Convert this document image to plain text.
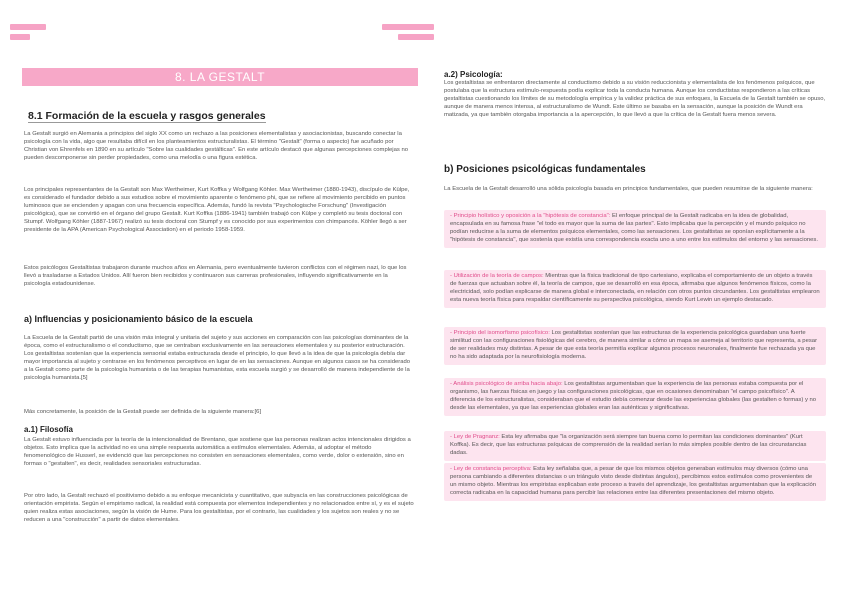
8. LA GESTALT
8.1 Formación de la escuela y rasgos generales
La Gestalt surgió en Alemania a principios del siglo XX como un rechazo a las posiciones elementalistas y asociacionistas, buscando conectar la psicología con la vida, algo que resultaba difícil en los planteamientos estructuralistas. El término "Gestalt" (forma o aspecto) fue acuñado por Christian von Ehrenfels en 1890 en su artículo "Sobre las cualidades gestálticas". En este artículo destacó que algunas percepciones complejas no pueden descomponerse sin perder propiedades, como una melodía o una figura estética.
Los principales representantes de la Gestalt son Max Wertheimer, Kurt Koffka y Wolfgang Köhler. Max Wertheimer (1880-1943), discípulo de Külpe, es considerado el fundador debido a sus estudios sobre el movimiento aparente o fenómeno phi, que se refiere al movimiento percibido en puntos luminosos que se encienden y apagan con una frecuencia específica. Además, fundó la revista "Psychologische Forschung" (Investigación psicológica), que se convirtió en el órgano del grupo Gestalt. Kurt Koffka (1886-1941) también trabajó con Külpe y completó su tesis doctoral con Stumpf. Wolfgang Köhler (1887-1967) realizó su tesis doctoral con Stumpf y es conocido por sus experimentos con chimpancés. Köhler llegó a ser presidente de la APA (American Psychological Association) en el periodo 1958-1959.
Estos psicólogos Gestaltistas trabajaron durante muchos años en Alemania, pero eventualmente tuvieron conflictos con el régimen nazi, lo que los llevó a trasladarse a Estados Unidos. Allí fueron bien recibidos y continuaron sus carreras profesionales, influyendo significativamente en la psicología estadounidense.
a) Influencias y posicionamiento básico de la escuela
La Escuela de la Gestalt partió de una visión más integral y unitaria del sujeto y sus acciones en comparación con las psicologías dominantes de la época, como el estructuralismo o el conductismo, que se centraban exclusivamente en las sensaciones elementales y su posterior estructuración. Los gestaltistas sostenían que la experiencia sensorial estaba estructurada desde el principio, lo que llevó a la idea de que la psicología debía dar mayor importancia al sujeto y centrarse en los fenómenos perceptivos en lugar de en las sensaciones. Aunque en algunos casos se ha considerado a la Gestalt como parte de la psicología humanista o de las terapias humanistas, esta escuela surgió y se desarrolló de manera independiente de la psicología humanista.[5]
Más concretamente, la posición de la Gestalt puede ser definida de la siguiente manera:[6]
a.1) Filosofía
La Gestalt estuvo influenciada por la teoría de la intencionalidad de Brentano, que sostiene que las personas realizan actos intencionales dirigidos a objetos. Esto implica que la actividad no es una simple respuesta automática a estímulos elementales. Además, al adoptar el método fenomenológico de Husserl, se evidenció que las percepciones no consisten en sensaciones elementales, como verde, dolor o extensión, sino en formas o "gestalten", es decir, realidades sensoriales estructuradas.
Por otro lado, la Gestalt rechazó el positivismo debido a su enfoque mecanicista y cuantitativo, que subyacía en las construcciones psicológicas de orientación empirista. Según el empirismo radical, la realidad está compuesta por elementos independientes y no relacionados entre sí, y es el sujeto quien realiza estas asociaciones, según la visión de Hume. Para los gestaltistas, por el contrario, las cualidades y los sujetos son reales y no se reducen a una "construcción" a partir de datos elementales.
a.2) Psicología:
Los gestaltistas se enfrentaron directamente al conductismo debido a su visión reduccionista y elementalista de los fenómenos psíquicos, que postulaba que la estructura estímulo-respuesta podía explicar toda la conducta humana. Aunque los conductistas respondieron a las críticas gestaltistas cuestionando los límites de su metodología empírica y la validez práctica de sus enfoques, la Escuela de la Gestalt también se opuso, aunque de manera menos intensa, al estructuralismo de Wundt. Este último se basaba en la sensación, aunque la posición de Wundt era matizada, ya que también otorgaba importancia a la apercepción, lo que llevó a que la crítica de la Gestalt fuera menos severa.
b) Posiciones psicológicas fundamentales
La Escuela de la Gestalt desarrolló una sólida psicología basada en principios fundamentales, que pueden resumirse de la siguiente manera:
- Principio holístico y oposición a la "hipótesis de constancia": El enfoque principal de la Gestalt radicaba en la idea de globalidad, encapsulada en su famosa frase "el todo es mayor que la suma de las partes". Esto implicaba que la percepción y el mundo psíquico no podían reducirse a la suma de elementos psíquicos elementales, como las sensaciones. Los gestaltistas se oponían explícitamente a la "hipótesis de constancia", que sostenía que existía una correspondencia exacta uno a uno entre los estímulos del entorno y las sensaciones.
- Utilización de la teoría de campos: Mientras que la física tradicional de tipo cartesiano, explicaba el comportamiento de un objeto a través de fuerzas que actuaban sobre él, la teoría de campos, que se desarrolló en esa época, afirmaba que algunos fenómenos físicos, como la electricidad, solo podían explicarse de manera global e interconectada, en relación con otros puntos circundantes. Los gestaltistas emplearon esta nueva teoría física para respaldar científicamente su perspectiva psicológica, siendo Kurt Lewin un ejemplo destacado.
- Principio del isomorfismo psicofísico: Los gestaltistas sostenían que las estructuras de la experiencia psicológica guardaban una fuerte similitud con las configuraciones fisiológicas del cerebro, de manera similar a cómo un mapa se asemeja al territorio que representa, a pesar de ser realidades muy distintas. A pesar de que esta teoría permitía explicar algunos procesos neuronales, finalmente fue rechazada ya que no ha sido adaptada por la neurofisiología moderna.
- Análisis psicológico de arriba hacia abajo: Los gestaltistas argumentaban que la experiencia de las personas estaba compuesta por el organismo, las fuerzas físicas en juego y las configuraciones psicológicas, que en ocasiones denominaban "el campo psicofísico". A diferencia de los estructuralistas, consideraban que el estudio debía comenzar desde las experiencias globales (las gestalten o formas) y no desde las elementales, ya que las experiencias globales eran las auténticas y significativas.
- Ley de Pragnanz: Esta ley afirmaba que "la organización será siempre tan buena como lo permitan las condiciones dominantes" (Kurt Koffka). Es decir, que las estructuras psíquicas de comprensión de la realidad serían lo más simples posible dentro de las circunstancias dadas.
- Ley de constancia perceptiva: Esta ley señalaba que, a pesar de que los mismos objetos generaban estímulos muy diversos (cómo una persona cambiando a diferentes distancias o un triángulo visto desde distintas ángulos), percibimos estos estímulos como provenientes de un mismo objeto. Mientras los empiristas explicaban este proceso a través del aprendizaje, los gestaltistas argumentaban que la explicación correcta radicaba en la capacidad humana para percibir las relaciones entre las diferentes presentaciones del mismo objeto.
